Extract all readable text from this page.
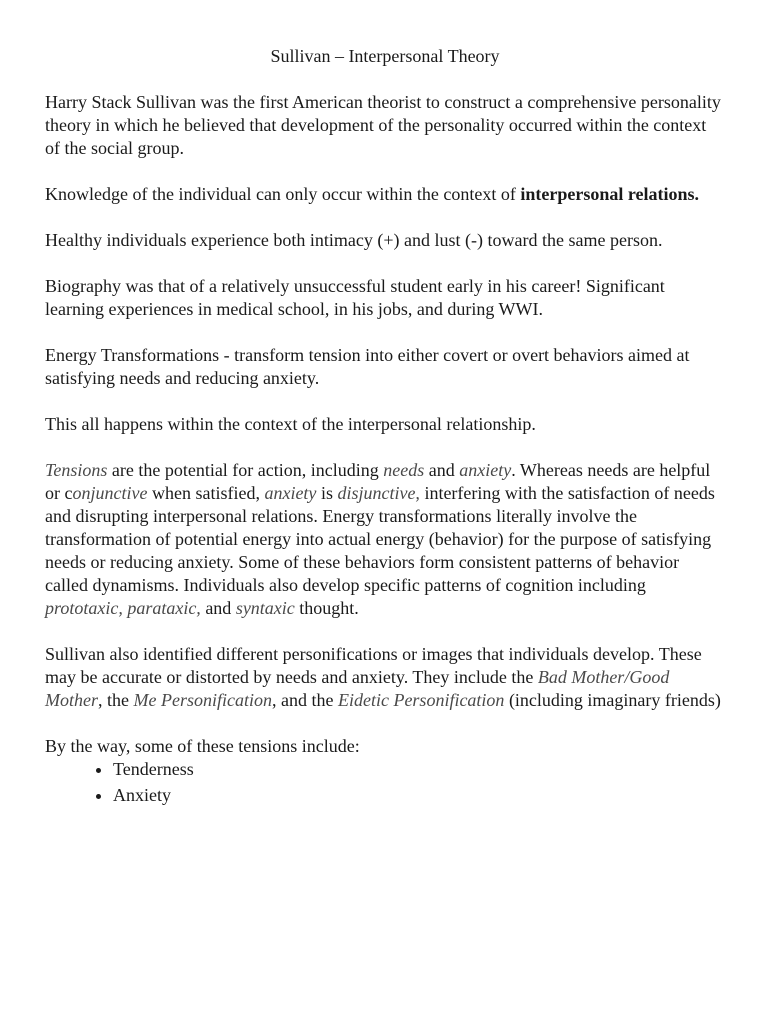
Sullivan – Interpersonal Theory

Harry Stack Sullivan was the first American theorist to construct a comprehensive personality theory in which he believed that development of the personality occurred within the context of the social group.

Knowledge of the individual can only occur within the context of interpersonal relations.

Healthy individuals experience both intimacy (+) and lust (-) toward the same person.

Biography was that of a relatively unsuccessful student early in his career! Significant learning experiences in medical school, in his jobs, and during WWI.

Energy Transformations - transform tension into either covert or overt behaviors aimed at satisfying needs and reducing anxiety.

This all happens within the context of the interpersonal relationship.

Tensions are the potential for action, including needs and anxiety. Whereas needs are helpful or conjunctive when satisfied, anxiety is disjunctive, interfering with the satisfaction of needs and disrupting interpersonal relations. Energy transformations literally involve the transformation of potential energy into actual energy (behavior) for the purpose of satisfying needs or reducing anxiety. Some of these behaviors form consistent patterns of behavior called dynamisms. Individuals also develop specific patterns of cognition including prototaxic, parataxic, and syntaxic thought.

Sullivan also identified different personifications or images that individuals develop. These may be accurate or distorted by needs and anxiety. They include the Bad Mother/Good Mother, the Me Personification, and the Eidetic Personification (including imaginary friends)

By the way, some of these tensions include:

• Tenderness
• Anxiety
